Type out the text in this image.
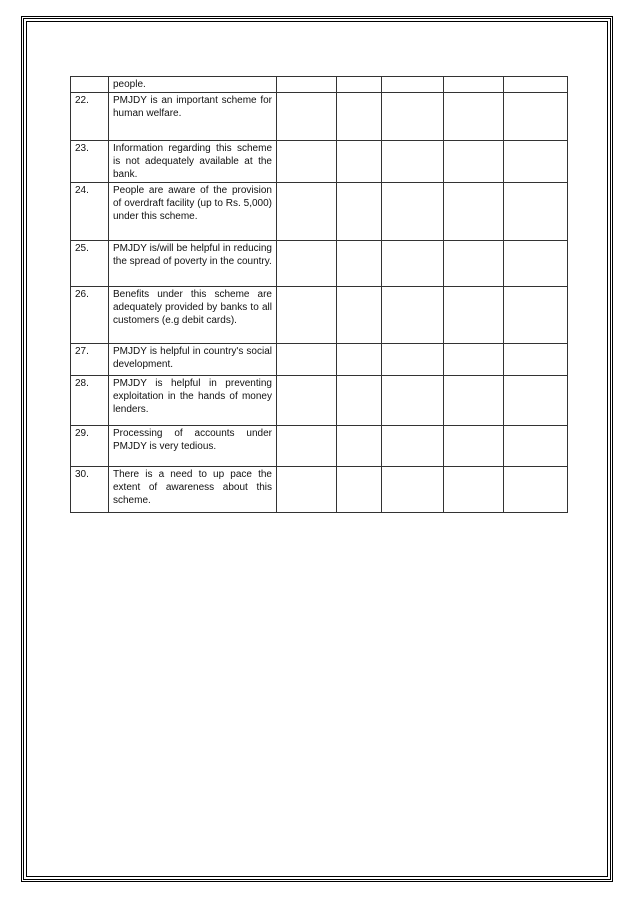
	people.					
22.	PMJDY is an important scheme for human welfare.					
23.	Information regarding this scheme is not adequately available at the bank.					
24.	People are aware of the provision of overdraft facility (up to Rs. 5,000) under this scheme.					
25.	PMJDY is/will be helpful in reducing the spread of poverty in the country.					
26.	Benefits under this scheme are adequately provided by banks to all customers (e.g debit cards).					
27.	PMJDY is helpful in country's social development.					
28.	PMJDY is helpful in preventing exploitation in the hands of money lenders.					
29.	Processing of accounts under PMJDY is very tedious.					
30.	There is a need to up pace the extent of awareness about this scheme.					
